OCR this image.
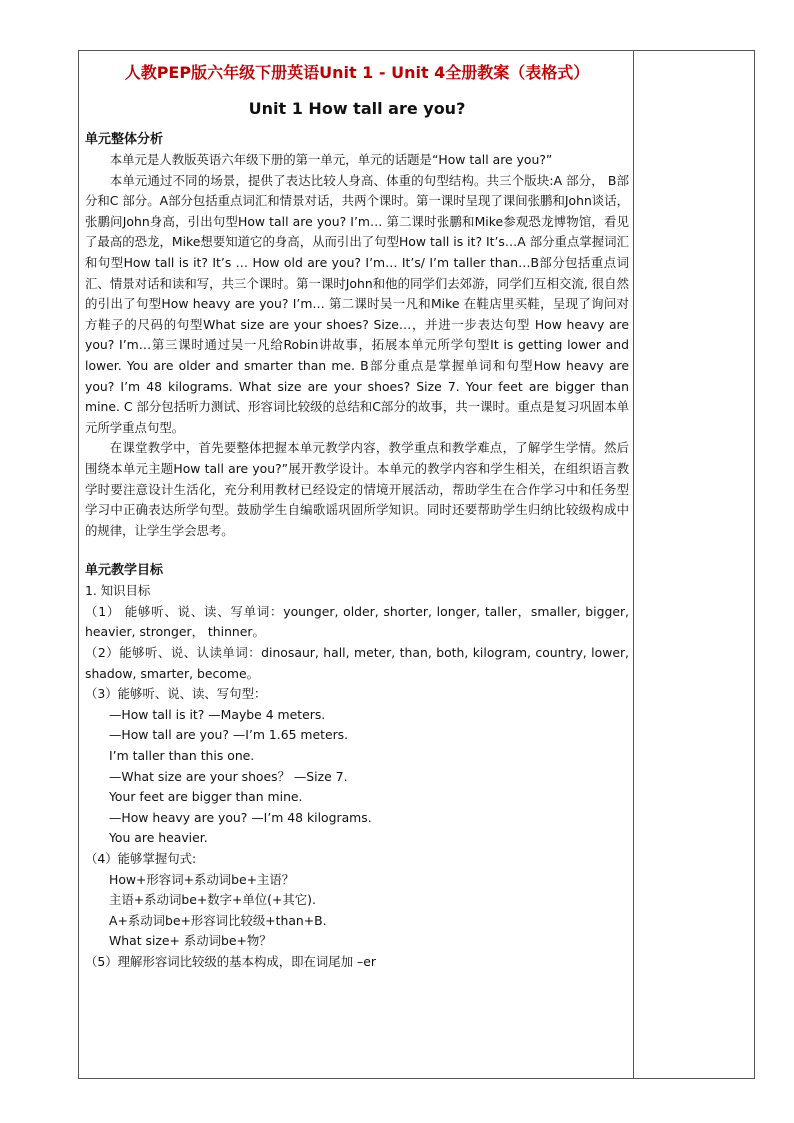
人教PEP版六年级下册英语Unit 1 - Unit 4全册教案（表格式）
Unit 1 How tall are you?
单元整体分析

本单元是人教版英语六年级下册的第一单元，单元的话题是“How tall are you?”

本单元通过不同的场景，提供了表达比较人身高、体重的句型结构。共三个版块:A 部分， B部分和C 部分。A部分包括重点词汇和情景对话，共两个课时。第一课时呈现了课间张鹏和John谈话，张鹏问John身高，引出句型How tall are you? I’m… 第二课时张鹏和Mike参观恐龙博物馆，看见了最高的恐龙，Mike想要知道它的身高，从而引出了句型How tall is it? It’s…A 部分重点掌握词汇和句型How tall is it? It’s … How old are you? I’m… It’s/ I’m taller than…B部分包括重点词汇、情景对话和读和写，共三个课时。第一课时John和他的同学们去郊游，同学们互相交流, 很自然的引出了句型How heavy are you? I’m… 第二课时吴一凡和Mike 在鞋店里买鞋，呈现了询问对方鞋子的尺码的句型What size are your shoes? Size…，并进一步表达句型 How heavy are you? I’m…第三课时通过吴一凡给Robin讲故事，拓展本单元所学句型It is getting lower and lower. You are older and smarter than me. B部分重点是掌握单词和句型How heavy are you? I’m 48 kilograms. What size are your shoes? Size 7. Your feet are bigger than mine. C 部分包括听力测试、形容词比较级的总结和C部分的故事，共一课时。重点是复习巩固本单元所学重点句型。

在课堂教学中，首先要整体把握本单元教学内容，教学重点和教学难点，了解学生学情。然后围绕本单元主题How tall are you?”展开教学设计。本单元的教学内容和学生相关，在组织语言教学时要注意设计生活化，充分利用教材已经设定的情境开展活动，帮助学生在合作学习中和任务型学习中正确表达所学句型。鼓励学生自编歌谣巩固所学知识。同时还要帮助学生归纳比较级构成中的规律，让学生学会思考。

单元教学目标
1. 知识目标

（1） 能够听、说、读、写单词：younger, older, shorter, longer, taller，smaller, bigger, heavier, stronger， thinner。

（2）能够听、说、认读单词：dinosaur, hall, meter, than, both, kilogram, country, lower, shadow, smarter, become。

（3）能够听、说、读、写句型：
—How tall is it? —Maybe 4 meters.
—How tall are you? —I’m 1.65 meters.
I’m taller than this one.
—What size are your shoes？ —Size 7.
Your feet are bigger than mine.
—How heavy are you? —I’m 48 kilograms.
You are heavier.
（4）能够掌握句式:
How+形容词+系动词be+主语？
主语+系动词be+数字+单位(+其它).
A+系动词be+形容词比较级+than+B.
What size+ 系动词be+物？
（5）理解形容词比较级的基本构成，即在词尾加 –er
